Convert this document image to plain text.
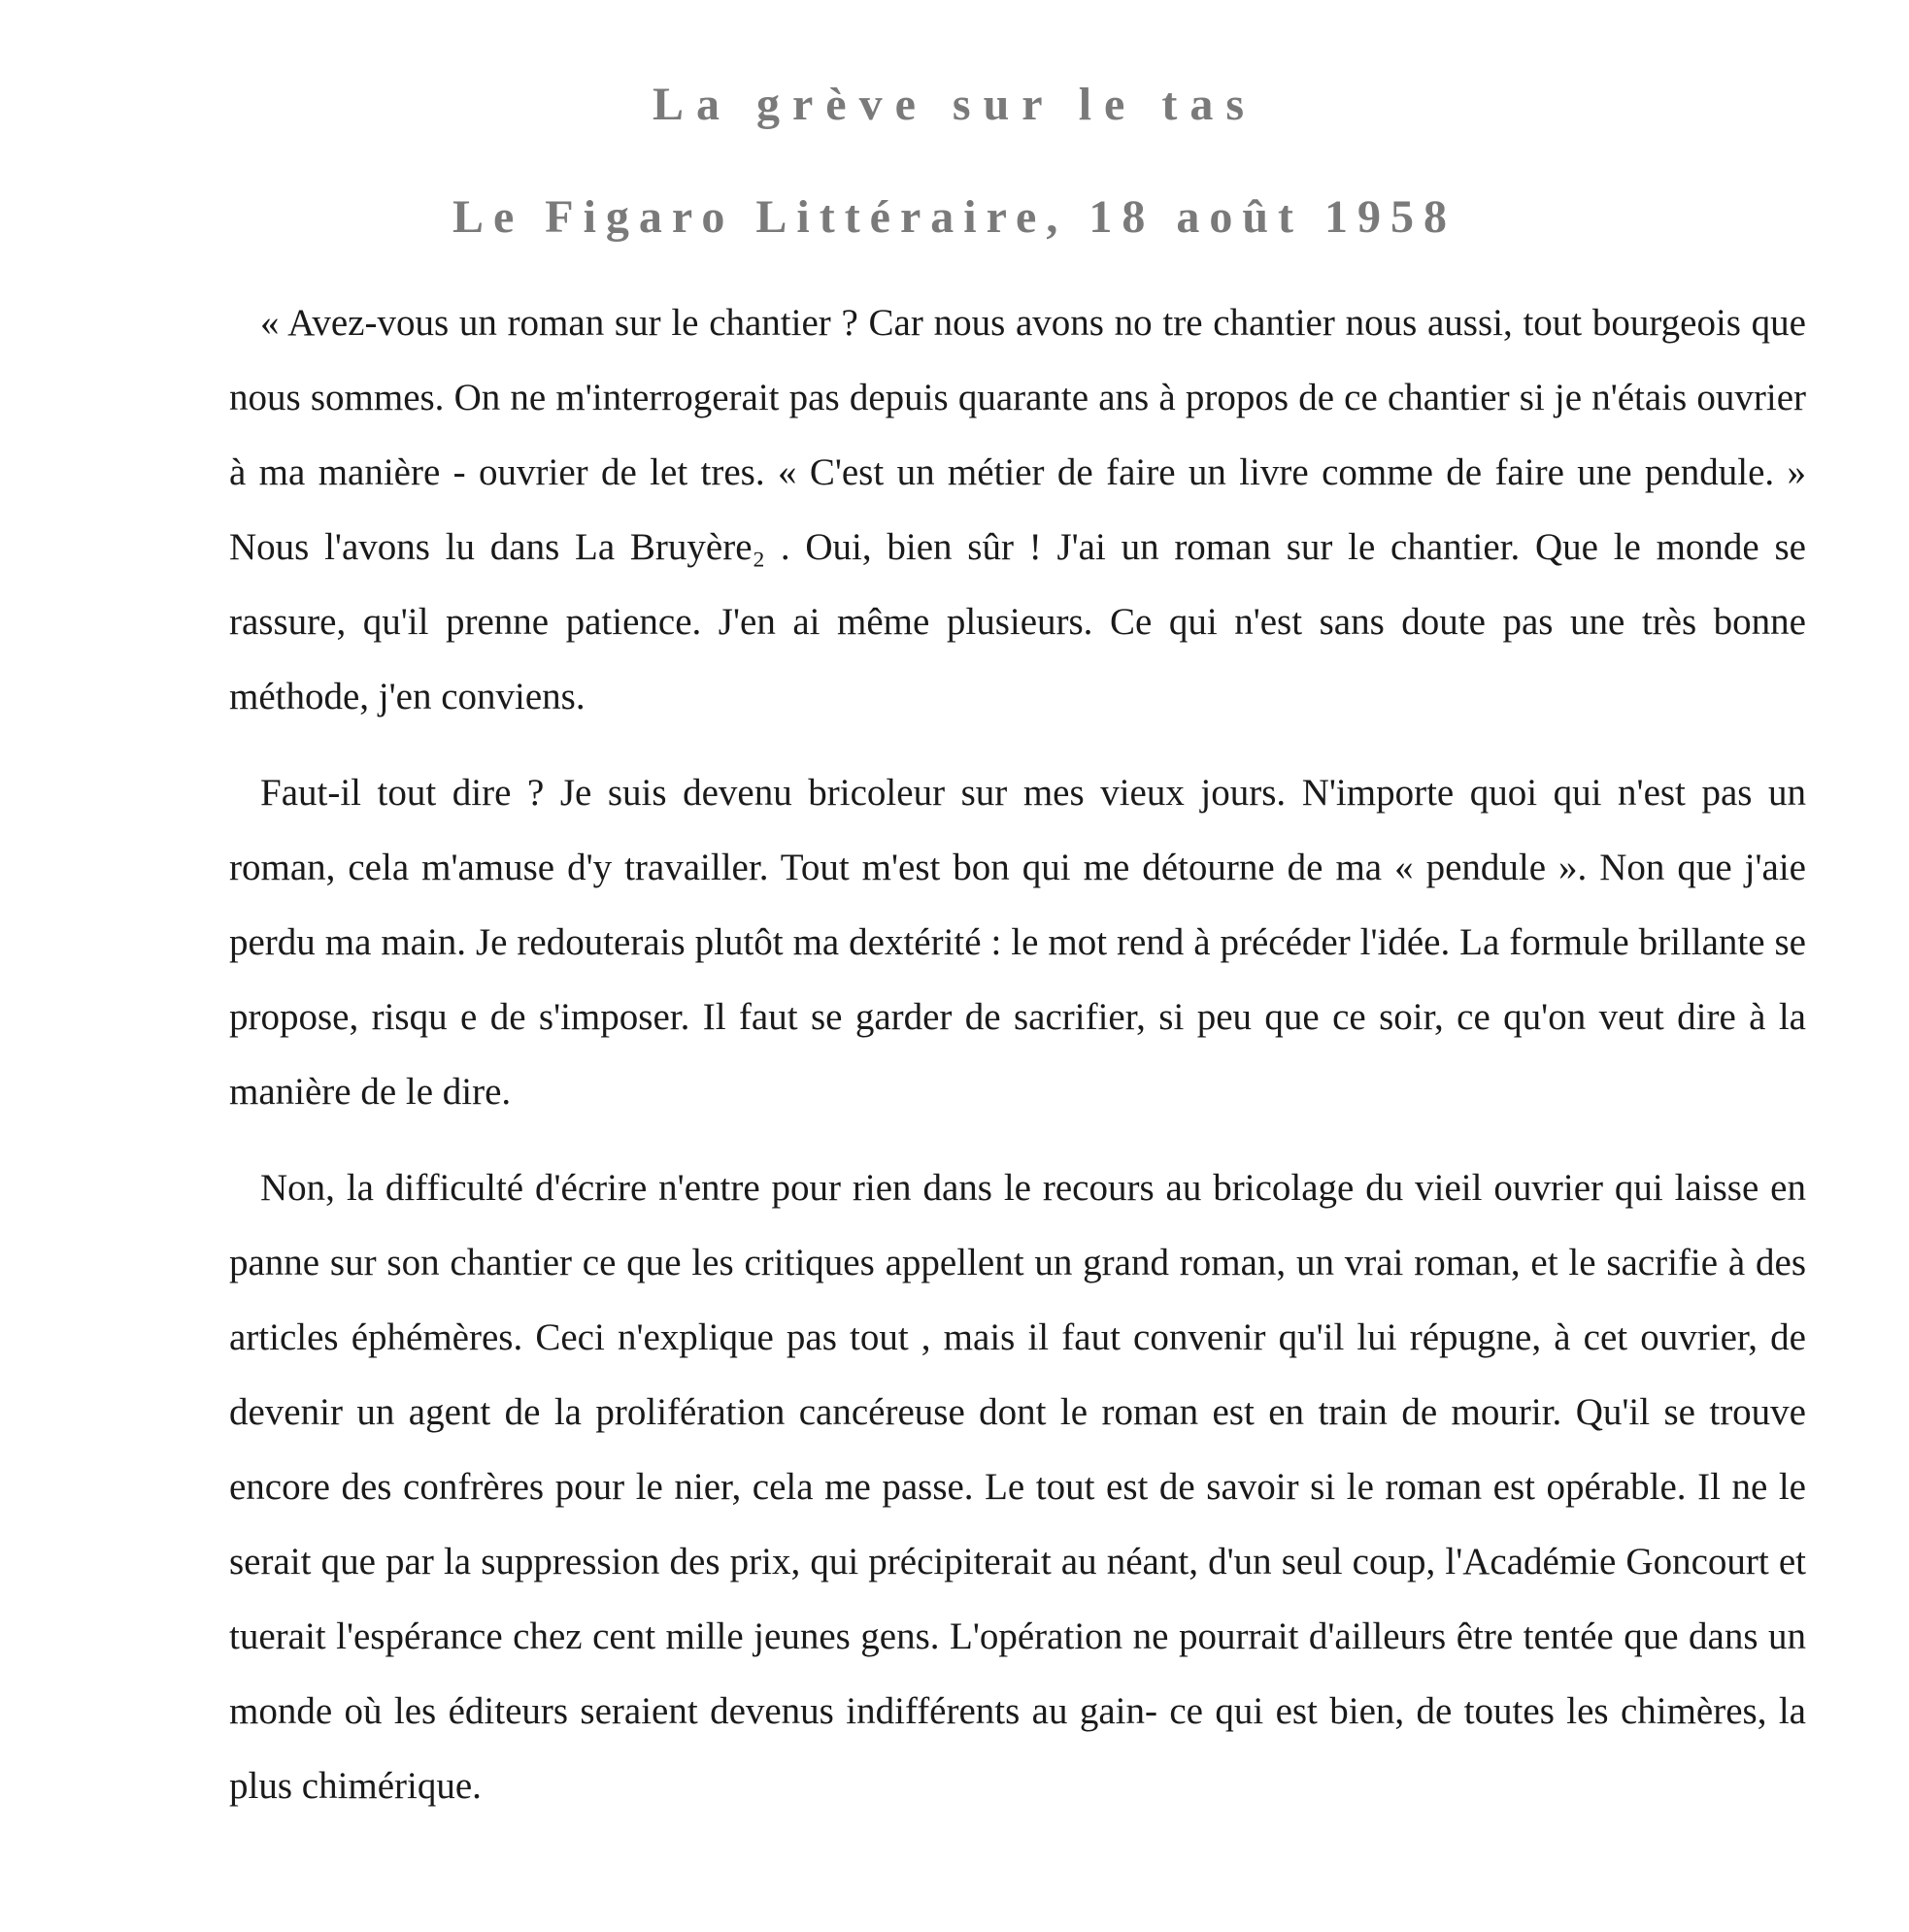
La grève sur le tas
Le Figaro Littéraire, 18 août 1958

« Avez-vous un roman sur le chantier ? Car nous avons no tre chantier nous aussi, tout bourgeois que nous sommes. On ne m'interrogerait pas depuis quarante ans à propos de ce chantier si je n'étais ouvrier à ma manière - ouvrier de let tres. « C'est un métier de faire un livre comme de faire une pendule. » Nous l'avons lu dans La Bruyère₂ . Oui, bien sûr ! J'ai un roman sur le chantier. Que le monde se rassure, qu'il prenne patience. J'en ai même plusieurs. Ce qui n'est sans doute pas une très bonne méthode, j'en conviens.

Faut-il tout dire ? Je suis devenu bricoleur sur mes vieux jours. N'importe quoi qui n'est pas un roman, cela m'amuse d'y travailler. Tout m'est bon qui me détourne de ma « pendule ». Non que j'aie perdu ma main. Je redouterais plutôt ma dextérité : le mot rend à précéder l'idée. La formule brillante se propose, risqu e de s'imposer. Il faut se garder de sacrifier, si peu que ce soir, ce qu'on veut dire à la manière de le dire.

Non, la difficulté d'écrire n'entre pour rien dans le recours au bricolage du vieil ouvrier qui laisse en panne sur son chantier ce que les critiques appellent un grand roman, un vrai roman, et le sacrifie à des articles éphémères. Ceci n'explique pas tout , mais il faut convenir qu'il lui répugne, à cet ouvrier, de devenir un agent de la prolifération cancéreuse dont le roman est en train de mourir. Qu'il se trouve encore des confrères pour le nier, cela me passe. Le tout est de savoir si le roman est opérable. Il ne le serait que par la suppression des prix, qui précipiterait au néant, d'un seul coup, l'Académie Goncourt et tuerait l'espérance chez cent mille jeunes gens. L'opération ne pourrait d'ailleurs être tentée que dans un monde où les éditeurs seraient devenus indifférents au gain- ce qui est bien, de toutes les chimères, la plus chimérique.
